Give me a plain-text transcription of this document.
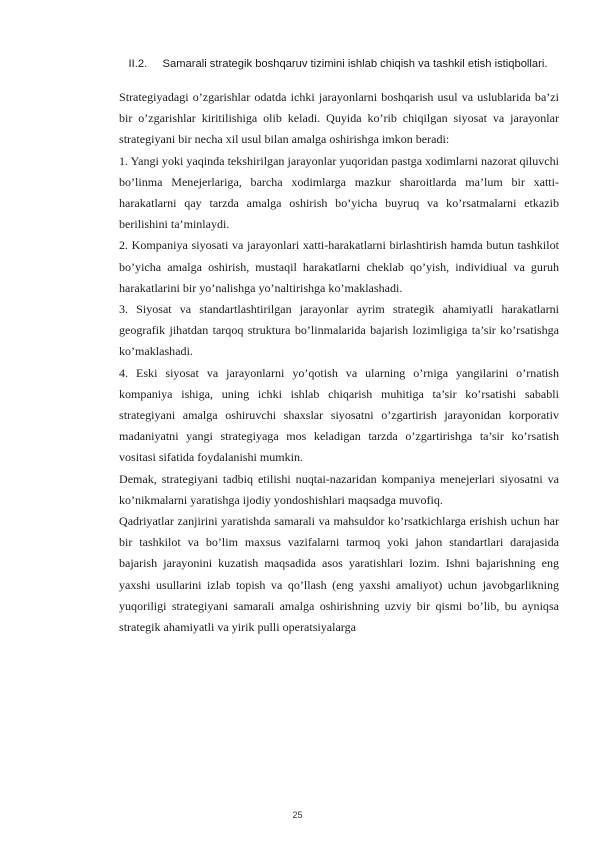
II.2. Samarali strategik boshqaruv tizimini ishlab chiqish va tashkil etish istiqbollari.

Strategiyadagi o’zgarishlar odatda ichki jarayonlarni boshqarish usul va uslublarida ba’zi bir o’zgarishlar kiritilishiga olib keladi. Quyida ko’rib chiqilgan siyosat va jarayonlar strategiyani bir necha xil usul bilan amalga oshirishga imkon beradi:

1. Yangi yoki yaqinda tekshirilgan jarayonlar yuqoridan pastga xodimlarni nazorat qiluvchi bo’linma Menejerlariga, barcha xodimlarga mazkur sharoitlarda ma’lum bir xatti-harakatlarni qay tarzda amalga oshirish bo’yicha buyruq va ko’rsatmalarni etkazib berilishini ta’minlaydi.

2. Kompaniya siyosati va jarayonlari xatti-harakatlarni birlashtirish hamda butun tashkilot bo’yicha amalga oshirish, mustaqil harakatlarni cheklab qo’yish, individiual va guruh harakatlarini bir yo’nalishga yo’naltirishga ko’maklashadi.

3. Siyosat va standartlashtirilgan jarayonlar ayrim strategik ahamiyatli harakatlarni geografik jihatdan tarqoq struktura bo’linmalarida bajarish lozimligiga ta’sir ko’rsatishga ko’maklashadi.

4. Eski siyosat va jarayonlarni yo’qotish va ularning o’rniga yangilarini o’rnatish kompaniya ishiga, uning ichki ishlab chiqarish muhitiga ta’sir ko’rsatishi sababli strategiyani amalga oshiruvchi shaxslar siyosatni o’zgartirish jarayonidan korporativ madaniyatni yangi strategiyaga mos keladigan tarzda o’zgartirishga ta’sir ko’rsatish vositasi sifatida foydalanishi mumkin.

Demak, strategiyani tadbiq etilishi nuqtai-nazaridan kompaniya menejerlari siyosatni va ko’nikmalarni yaratishga ijodiy yondoshishlari maqsadga muvofiq.

Qadriyatlar zanjirini yaratishda samarali va mahsuldor ko’rsatkichlarga erishish uchun har bir tashkilot va bo’lim maxsus vazifalarni tarmoq yoki jahon standartlari darajasida bajarish jarayonini kuzatish maqsadida asos yaratishlari lozim. Ishni bajarishning eng yaxshi usullarini izlab topish va qo’llash (eng yaxshi amaliyot) uchun javobgarlikning yuqoriligi strategiyani samarali amalga oshirishning uzviy bir qismi bo’lib, bu ayniqsa strategik ahamiyatli va yirik pulli operatsiyalarga

25
